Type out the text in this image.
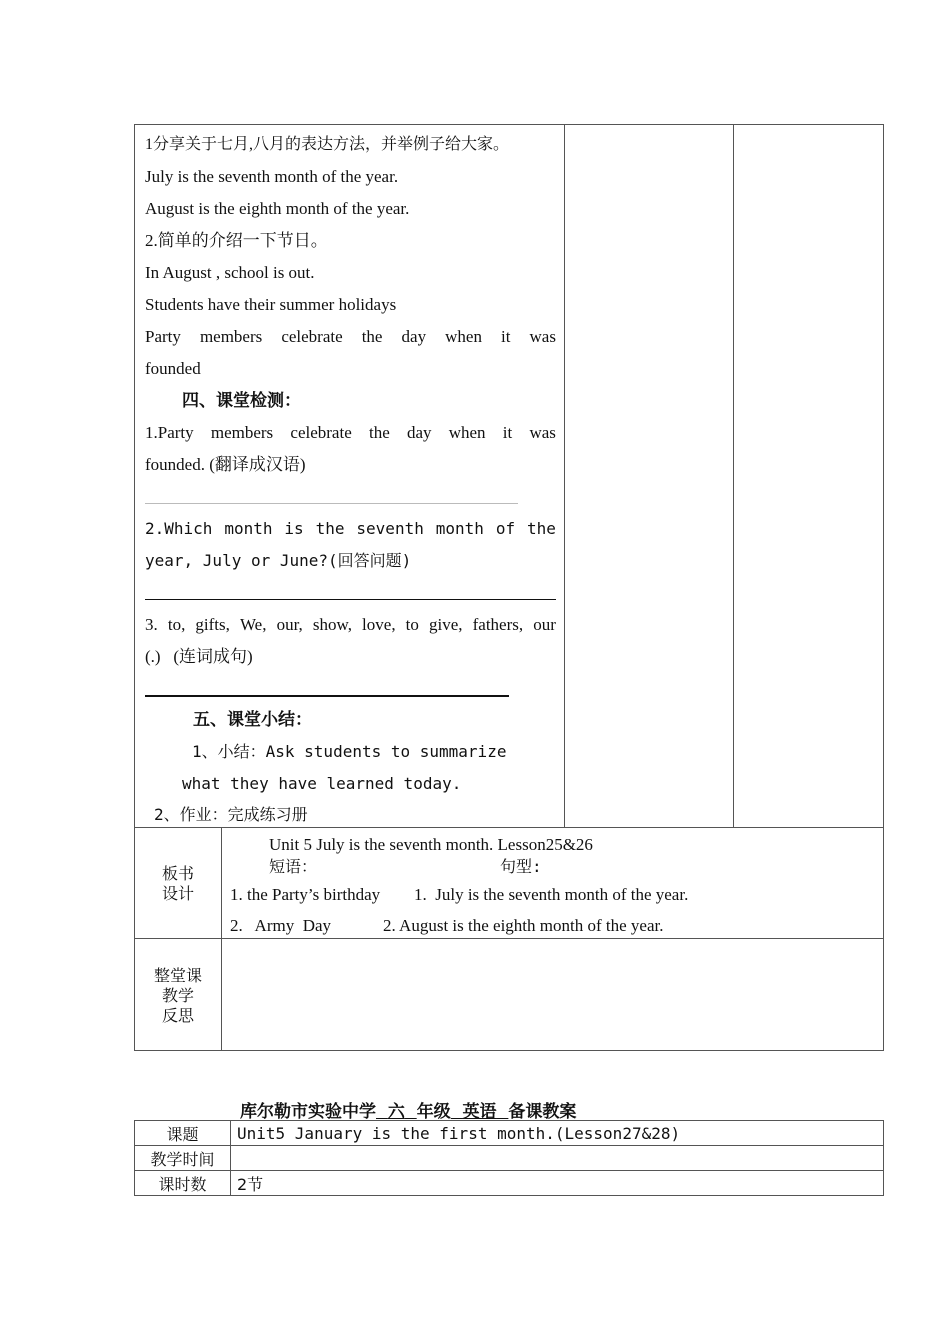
1分享关于七月,八月的表达方法，并举例子给大家。
July is the seventh month of the year.
August is the eighth month of the year.
2.简单的介绍一下节日。
In August , school is out.
Students have their summer holidays
Party members celebrate the day when it was
founded
四、课堂检测：
1.Party members celebrate the day when it was
founded. (翻译成汉语)
2.Which month is the seventh month of the
year, July or June?(回答问题)
3. to, gifts, We, our, show, love, to give, fathers, our
(.)   (连词成句)
五、课堂小结：
1、小结：Ask students to summarize
what they have learned today.
2、作业：完成练习册
板书
设计
Unit 5 July is the seventh month. Lesson25&26
短语：	句型:
1. the Party’s birthday 1.  July is the seventh month of the year.
2.   Army  Day	2. August is the eighth month of the year.
整堂课
教学
反思
库尔勒市实验中学 六 年级 英语 备课教案
课题	Unit5 January is the first month.(Lesson27&28)
教学时间	
课时数	2节
